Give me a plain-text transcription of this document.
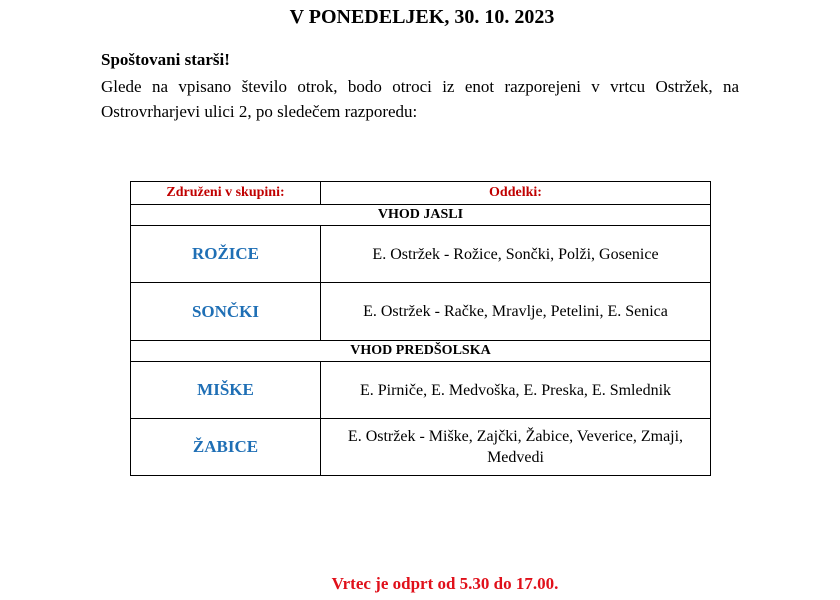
V PONEDELJEK, 30. 10. 2023
Spoštovani starši!
Glede na vpisano število otrok, bodo otroci iz enot razporejeni v vrtcu Ostržek, na Ostrovrharjevi ulici 2, po sledečem razporedu:
Združeni v skupini:	Oddelki:
VHOD JASLI	
ROŽICE	E. Ostržek - Rožice, Sončki, Polži, Gosenice
SONČKI	E. Ostržek - Račke, Mravlje, Petelini, E. Senica
VHOD PREDŠOLSKA	
MIŠKE	E. Pirniče, E. Medvoška, E. Preska, E. Smlednik
ŽABICE	E. Ostržek - Miške, Zajčki, Žabice, Veverice, Zmaji, Medvedi
Vrtec je odprt od 5.30 do 17.00.
